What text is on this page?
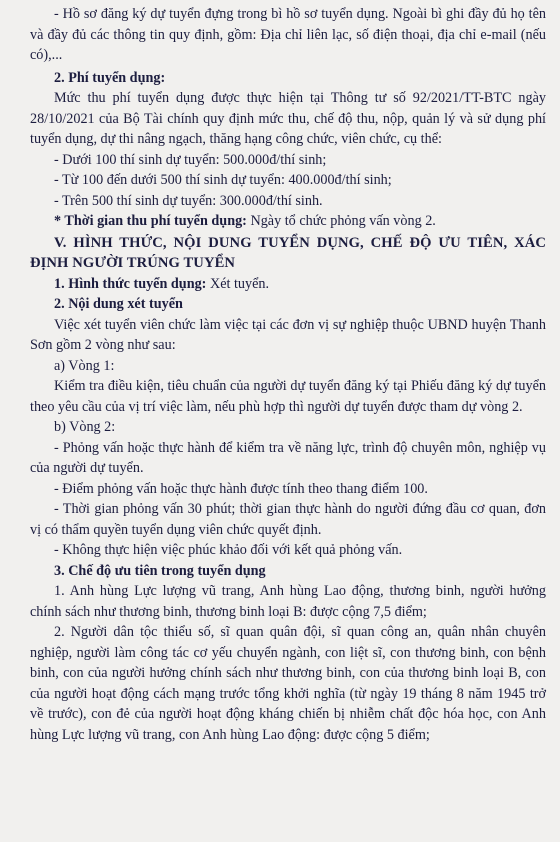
- Hồ sơ đăng ký dự tuyển đựng trong bì hồ sơ tuyển dụng. Ngoài bì ghi đầy đủ họ tên và đầy đủ các thông tin quy định, gồm: Địa chỉ liên lạc, số điện thoại, địa chỉ e-mail (nếu có),...

2. Phí tuyển dụng:

Mức thu phí tuyển dụng được thực hiện tại Thông tư số 92/2021/TT-BTC ngày 28/10/2021 của Bộ Tài chính quy định mức thu, chế độ thu, nộp, quản lý và sử dụng phí tuyển dụng, dự thi nâng ngạch, thăng hạng công chức, viên chức, cụ thể:

- Dưới 100 thí sinh dự tuyển: 500.000đ/thí sinh;

- Từ 100 đến dưới 500 thí sinh dự tuyển: 400.000đ/thí sinh;

- Trên 500 thí sinh dự tuyển: 300.000đ/thí sinh.

* Thời gian thu phí tuyển dụng: Ngày tổ chức phỏng vấn vòng 2.

V. HÌNH THỨC, NỘI DUNG TUYỂN DỤNG, CHẾ ĐỘ ƯU TIÊN, XÁC ĐỊNH NGƯỜI TRÚNG TUYỂN

1. Hình thức tuyển dụng: Xét tuyển.

2. Nội dung xét tuyển

Việc xét tuyển viên chức làm việc tại các đơn vị sự nghiệp thuộc UBND huyện Thanh Sơn gồm 2 vòng như sau:

a) Vòng 1:

Kiểm tra điều kiện, tiêu chuẩn của người dự tuyển đăng ký tại Phiếu đăng ký dự tuyển theo yêu cầu của vị trí việc làm, nếu phù hợp thì người dự tuyển được tham dự vòng 2.

b) Vòng 2:

- Phỏng vấn hoặc thực hành để kiểm tra về năng lực, trình độ chuyên môn, nghiệp vụ của người dự tuyển.

- Điểm phỏng vấn hoặc thực hành được tính theo thang điểm 100.

- Thời gian phỏng vấn 30 phút; thời gian thực hành do người đứng đầu cơ quan, đơn vị có thẩm quyền tuyển dụng viên chức quyết định.

- Không thực hiện việc phúc khảo đối với kết quả phỏng vấn.

3. Chế độ ưu tiên trong tuyển dụng

1. Anh hùng Lực lượng vũ trang, Anh hùng Lao động, thương binh, người hưởng chính sách như thương binh, thương binh loại B: được cộng 7,5 điểm;

2. Người dân tộc thiểu số, sĩ quan quân đội, sĩ quan công an, quân nhân chuyên nghiệp, người làm công tác cơ yếu chuyển ngành, con liệt sĩ, con thương binh, con bệnh binh, con của người hưởng chính sách như thương binh, con của thương binh loại B, con của người hoạt động cách mạng trước tổng khởi nghĩa (từ ngày 19 tháng 8 năm 1945 trở về trước), con đẻ của người hoạt động kháng chiến bị nhiễm chất độc hóa học, con Anh hùng Lực lượng vũ trang, con Anh hùng Lao động: được cộng 5 điểm;
